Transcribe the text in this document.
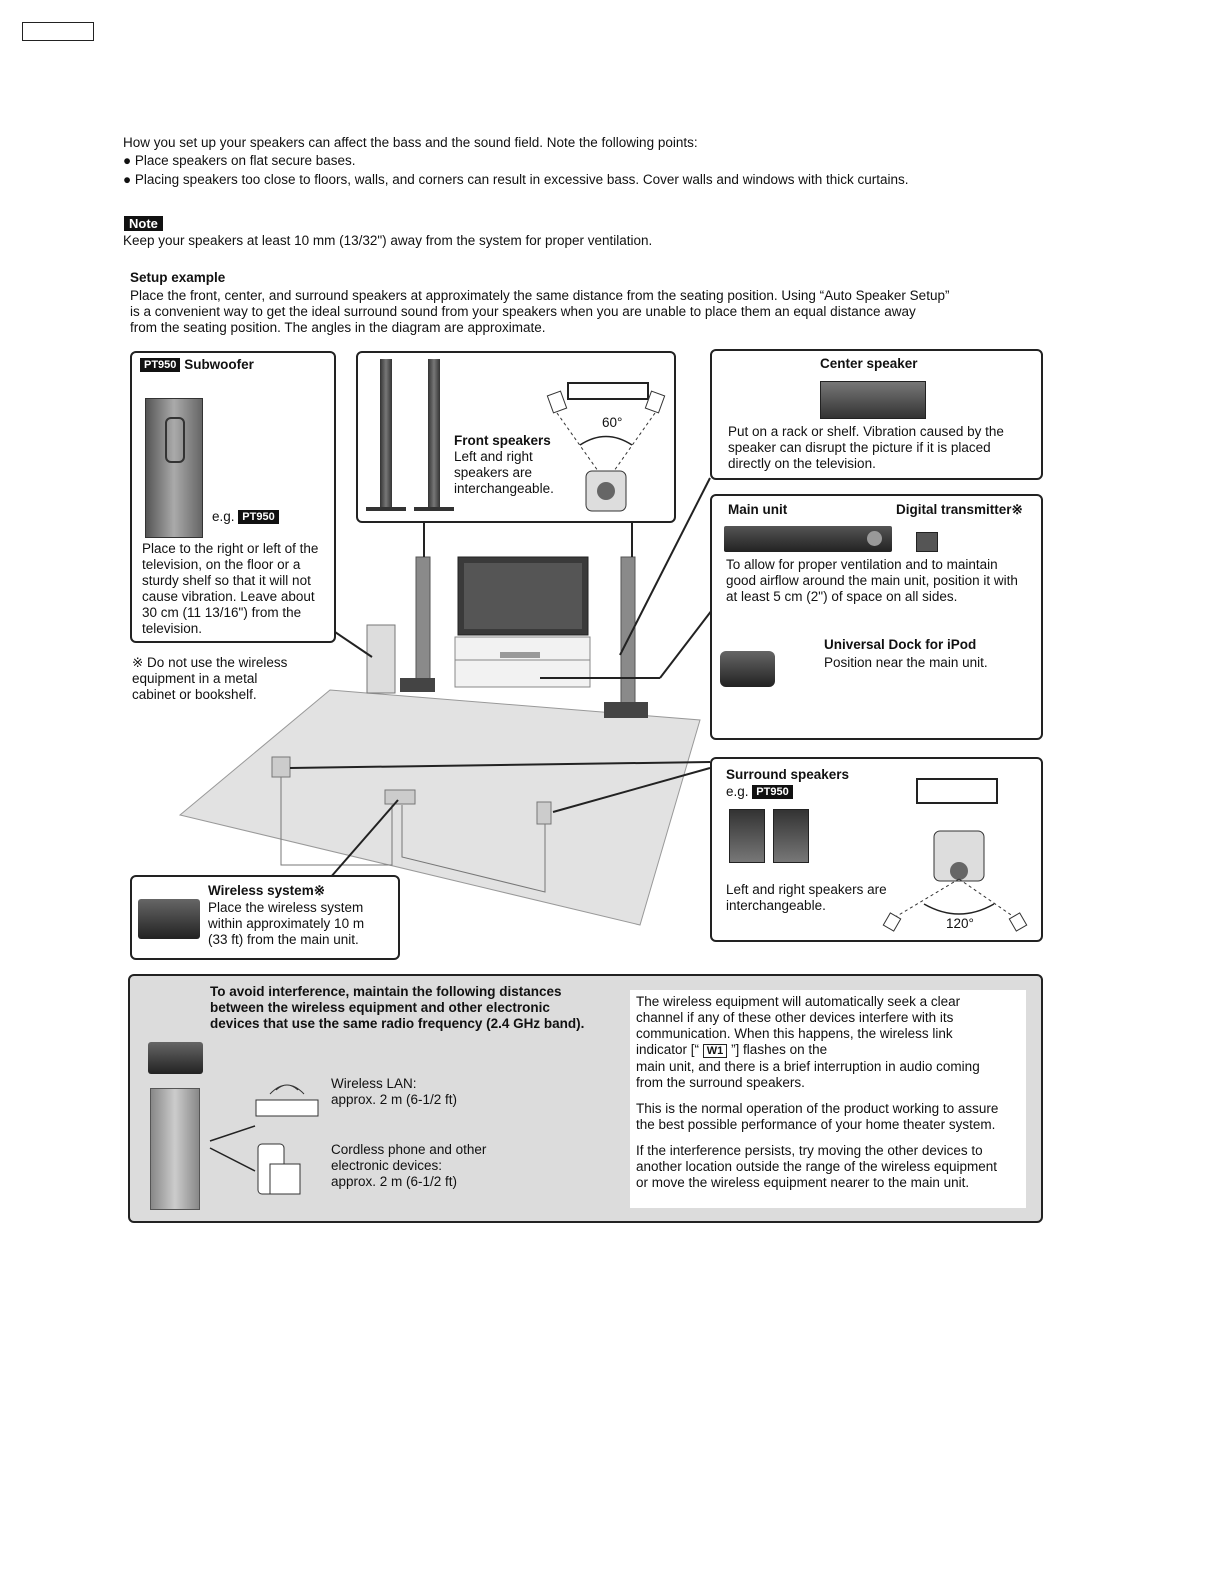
How you set up your speakers can affect the bass and the sound field. Note the following points:
● Place speakers on flat secure bases.
● Placing speakers too close to floors, walls, and corners can result in excessive bass. Cover walls and windows with thick curtains.
Note
Keep your speakers at least 10 mm (13/32") away from the system for proper ventilation.
Setup example
Place the front, center, and surround speakers at approximately the same distance from the seating position. Using “Auto Speaker Setup”
is a convenient way to get the ideal surround sound from your speakers when you are unable to place them an equal distance away
from the seating position. The angles in the diagram are approximate.
PT950 Subwoofer
e.g. PT950
Place to the right or left of the
television, on the floor or a
sturdy shelf so that it will not
cause vibration. Leave about
30 cm (11 13/16") from the
television.
※ Do not use the wireless
equipment in a metal
cabinet or bookshelf.
Front speakers
Left and right
speakers are
interchangeable.
60°
Center speaker
Put on a rack or shelf. Vibration caused by the
speaker can disrupt the picture if it is placed
directly on the television.
Main unit	Digital transmitter※
To allow for proper ventilation and to maintain
good airflow around the main unit, position it with
at least 5 cm (2") of space on all sides.
Universal Dock for iPod
Position near the main unit.
Surround speakers
e.g. PT950
Left and right speakers are
interchangeable.
120°
Wireless system※
Place the wireless system
within approximately 10 m
(33 ft) from the main unit.
To avoid interference, maintain the following distances
between the wireless equipment and other electronic
devices that use the same radio frequency (2.4 GHz band).
Wireless LAN:
approx. 2 m (6-1/2 ft)
Cordless phone and other
electronic devices:
approx. 2 m (6-1/2 ft)
The wireless equipment will automatically seek a clear
channel if any of these other devices interfere with its
communication. When this happens, the wireless link
indicator [“ W1 ”] flashes on the
main unit, and there is a brief interruption in audio coming
from the surround speakers.
This is the normal operation of the product working to assure
the best possible performance of your home theater system.
If the interference persists, try moving the other devices to
another location outside the range of the wireless equipment
or move the wireless equipment nearer to the main unit.
